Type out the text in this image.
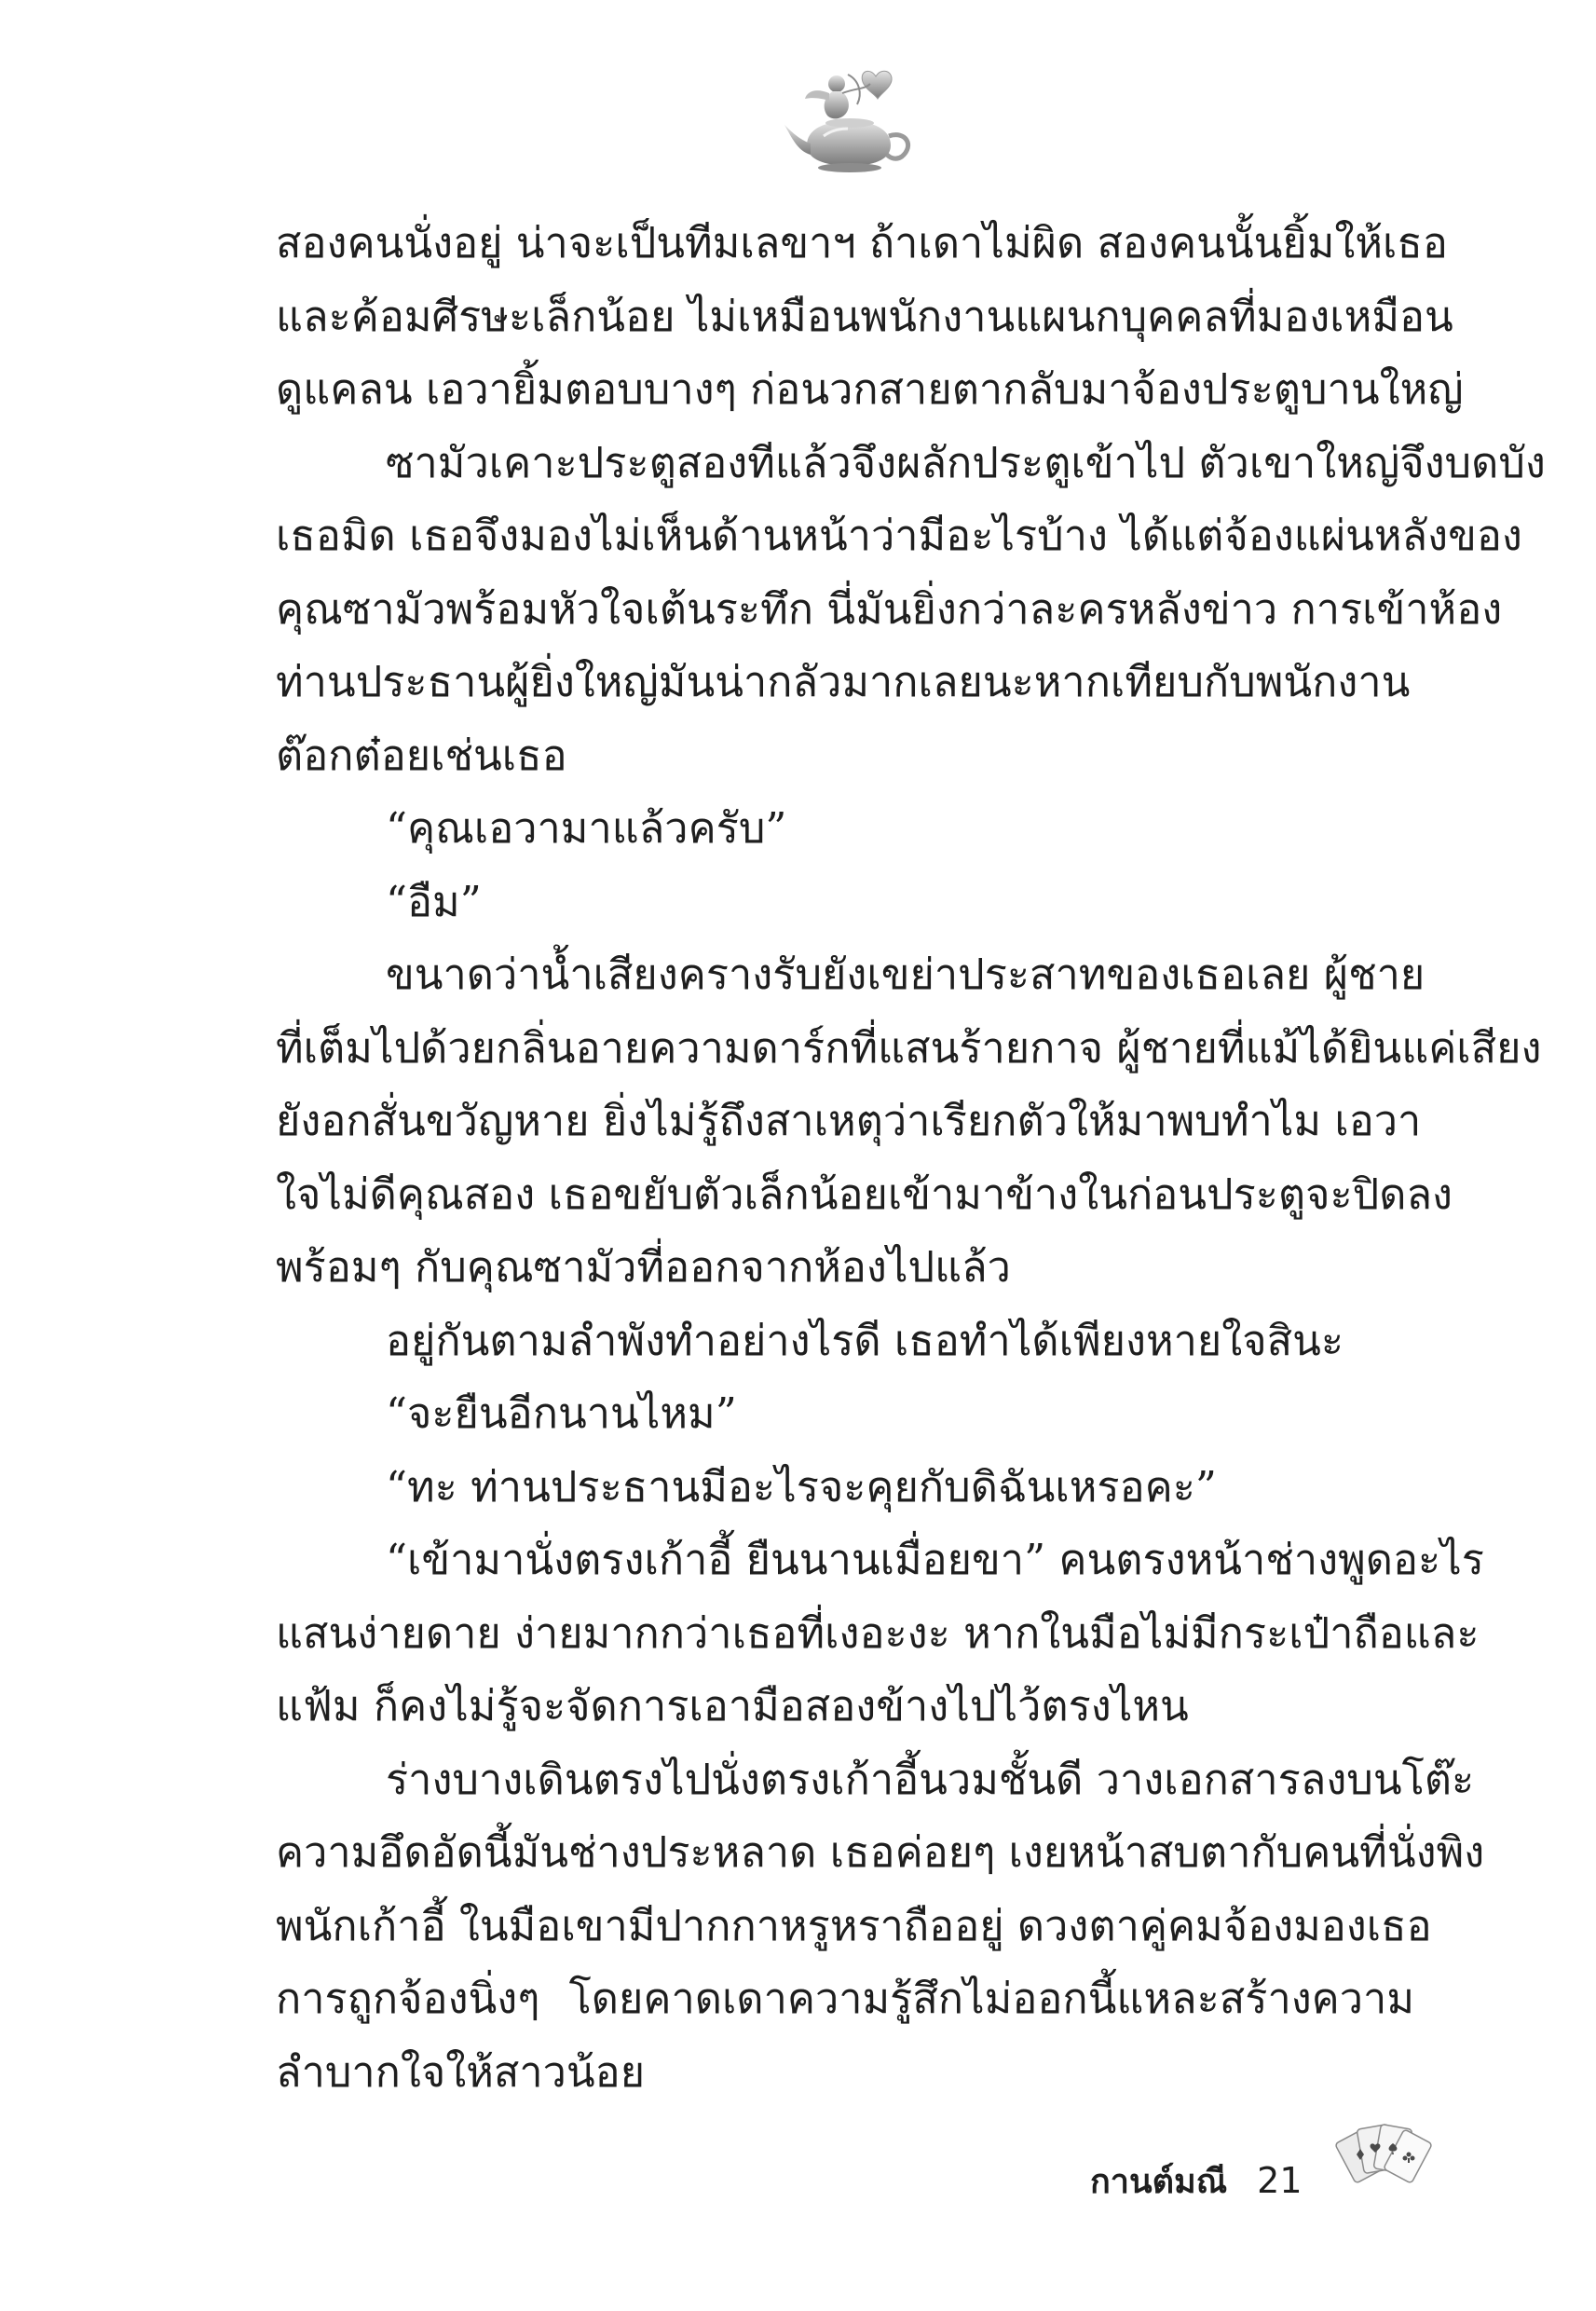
สองคนนั่งอยู่ น่าจะเป็นทีมเลขาฯ ถ้าเดาไม่ผิด สองคนนั้นยิ้มให้เธอ

และค้อมศีรษะเล็กน้อย ไม่เหมือนพนักงานแผนกบุคคลที่มองเหมือน

ดูแคลน เอวายิ้มตอบบางๆ ก่อนวกสายตากลับมาจ้องประตูบานใหญ่

ซามัวเคาะประตูสองทีแล้วจึงผลักประตูเข้าไป ตัวเขาใหญ่จึงบดบัง

เธอมิด เธอจึงมองไม่เห็นด้านหน้าว่ามีอะไรบ้าง ได้แต่จ้องแผ่นหลังของ

คุณซามัวพร้อมหัวใจเต้นระทึก นี่มันยิ่งกว่าละครหลังข่าว การเข้าห้อง

ท่านประธานผู้ยิ่งใหญ่มันน่ากลัวมากเลยนะหากเทียบกับพนักงาน

ต๊อกต๋อยเช่นเธอ

“คุณเอวามาแล้วครับ”

“อืม”

ขนาดว่าน้ำเสียงครางรับยังเขย่าประสาทของเธอเลย ผู้ชาย

ที่เต็มไปด้วยกลิ่นอายความดาร์กที่แสนร้ายกาจ ผู้ชายที่แม้ได้ยินแค่เสียง

ยังอกสั่นขวัญหาย ยิ่งไม่รู้ถึงสาเหตุว่าเรียกตัวให้มาพบทำไม เอวา

ใจไม่ดีคุณสอง เธอขยับตัวเล็กน้อยเข้ามาข้างในก่อนประตูจะปิดลง

พร้อมๆ กับคุณซามัวที่ออกจากห้องไปแล้ว

อยู่กันตามลำพังทำอย่างไรดี เธอทำได้เพียงหายใจสินะ

“จะยืนอีกนานไหม”

“ทะ ท่านประธานมีอะไรจะคุยกับดิฉันเหรอคะ”

“เข้ามานั่งตรงเก้าอี้ ยืนนานเมื่อยขา” คนตรงหน้าช่างพูดอะไร

แสนง่ายดาย ง่ายมากกว่าเธอที่เงอะงะ หากในมือไม่มีกระเป๋าถือและ

แฟ้ม ก็คงไม่รู้จะจัดการเอามือสองข้างไปไว้ตรงไหน

ร่างบางเดินตรงไปนั่งตรงเก้าอี้นวมชั้นดี วางเอกสารลงบนโต๊ะ

ความอึดอัดนี้มันช่างประหลาด เธอค่อยๆ เงยหน้าสบตากับคนที่นั่งพิง

พนักเก้าอี้ ในมือเขามีปากกาหรูหราถืออยู่ ดวงตาคู่คมจ้องมองเธอ

การถูกจ้องนิ่งๆ โดยคาดเดาความรู้สึกไม่ออกนี้แหละสร้างความ

ลำบากใจให้สาวน้อย

กานต์มณี 21
